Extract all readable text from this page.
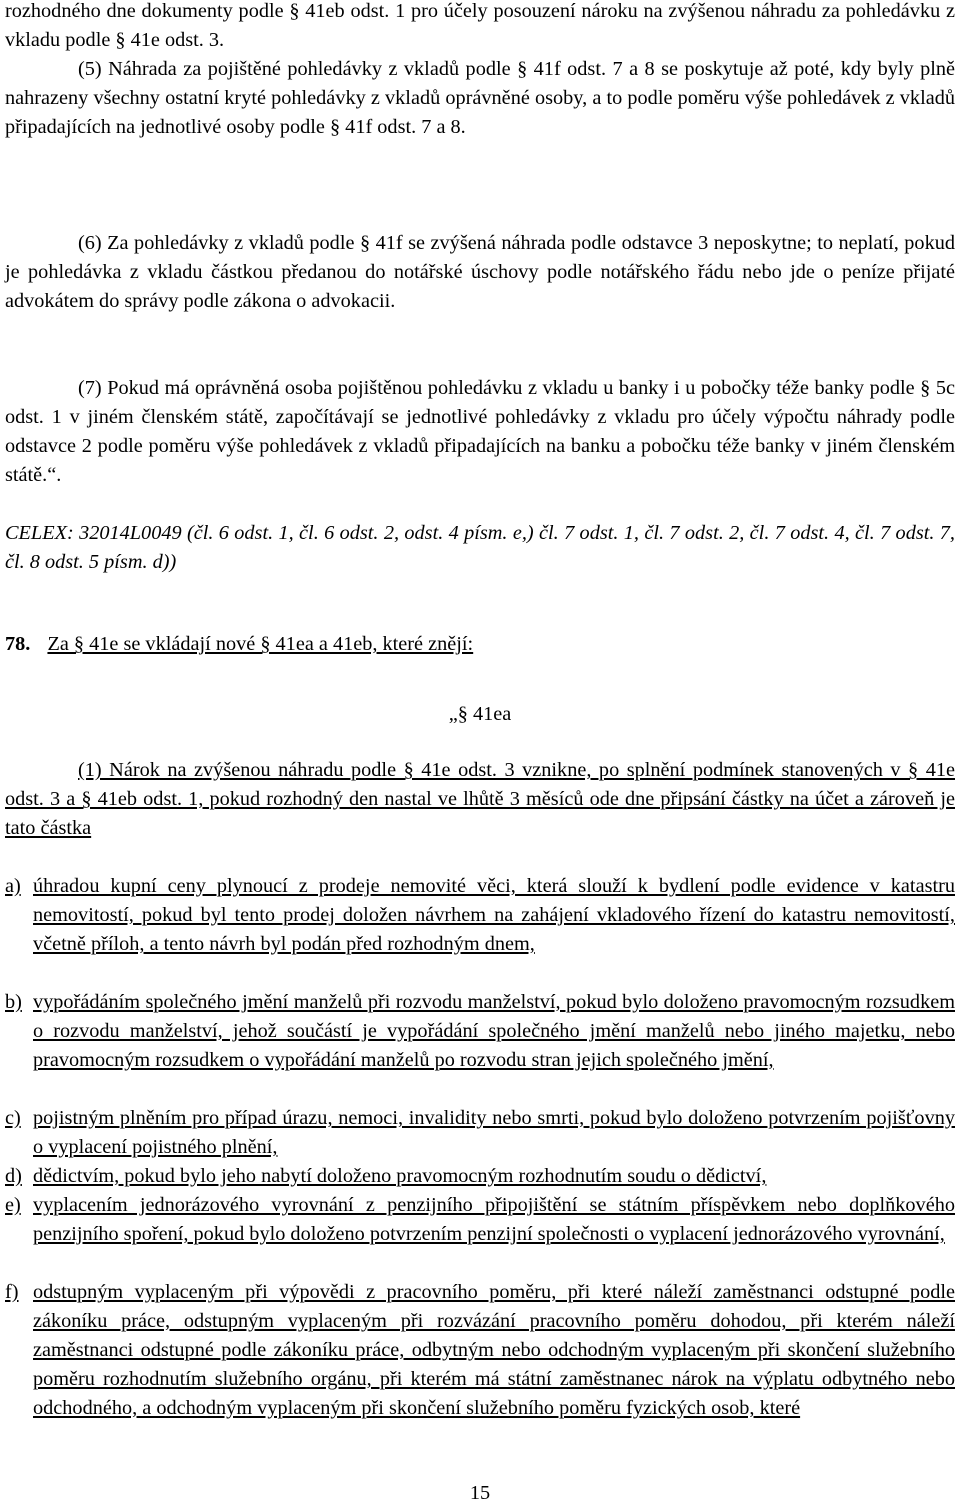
rozhodného dne dokumenty podle § 41eb odst. 1 pro účely posouzení nároku na zvýšenou náhradu za pohledávku z vkladu podle § 41e odst. 3.

(5) Náhrada za pojištěné pohledávky z vkladů podle § 41f odst. 7 a 8 se poskytuje až poté, kdy byly plně nahrazeny všechny ostatní kryté pohledávky z vkladů oprávněné osoby, a to podle poměru výše pohledávek z vkladů připadajících na jednotlivé osoby podle § 41f odst. 7 a 8.

(6) Za pohledávky z vkladů podle § 41f se zvýšená náhrada podle odstavce 3 neposkytne; to neplatí, pokud je pohledávka z vkladu částkou předanou do notářské úschovy podle notářského řádu nebo jde o peníze přijaté advokátem do správy podle zákona o advokacii.

(7) Pokud má oprávněná osoba pojištěnou pohledávku z vkladu u banky i u pobočky téže banky podle § 5c odst. 1 v jiném členském státě, započítávají se jednotlivé pohledávky z vkladu pro účely výpočtu náhrady podle odstavce 2 podle poměru výše pohledávek z vkladů připadajících na banku a pobočku téže banky v jiném členském státě.“.

CELEX: 32014L0049 (čl. 6 odst. 1, čl. 6 odst. 2, odst. 4 písm. e,) čl. 7 odst. 1, čl. 7 odst. 2, čl. 7 odst. 4, čl. 7 odst. 7, čl. 8 odst. 5 písm. d))

78. Za § 41e se vkládají nové § 41ea a 41eb, které znějí:
„§ 41ea

(1) Nárok na zvýšenou náhradu podle § 41e odst. 3 vznikne, po splnění podmínek stanovených v § 41e odst. 3 a § 41eb odst. 1, pokud rozhodný den nastal ve lhůtě 3 měsíců ode dne připsání částky na účet a zároveň je tato částka

a) úhradou kupní ceny plynoucí z prodeje nemovité věci, která slouží k bydlení podle evidence v katastru nemovitostí, pokud byl tento prodej doložen návrhem na zahájení vkladového řízení do katastru nemovitostí, včetně příloh, a tento návrh byl podán před rozhodným dnem,

b) vypořádáním společného jmění manželů při rozvodu manželství, pokud bylo doloženo pravomocným rozsudkem o rozvodu manželství, jehož součástí je vypořádání společného jmění manželů nebo jiného majetku, nebo pravomocným rozsudkem o vypořádání manželů po rozvodu stran jejich společného jmění,

c) pojistným plněním pro případ úrazu, nemoci, invalidity nebo smrti, pokud bylo doloženo potvrzením pojišťovny o vyplacení pojistného plnění,

d) dědictvím, pokud bylo jeho nabytí doloženo pravomocným rozhodnutím soudu o dědictví,

e) vyplacením jednorázového vyrovnání z penzijního připojištění se státním příspěvkem nebo doplňkového penzijního spoření, pokud bylo doloženo potvrzením penzijní společnosti o vyplacení jednorázového vyrovnání,

f) odstupným vyplaceným při výpovědi z pracovního poměru, při které náleží zaměstnanci odstupné podle zákoníku práce, odstupným vyplaceným při rozvázání pracovního poměru dohodou, při kterém náleží zaměstnanci odstupné podle zákoníku práce, odbytným nebo odchodným vyplaceným při skončení služebního poměru rozhodnutím služebního orgánu, při kterém má státní zaměstnanec nárok na výplatu odbytného nebo odchodného, a odchodným vyplaceným při skončení služebního poměru fyzických osob, které

15
